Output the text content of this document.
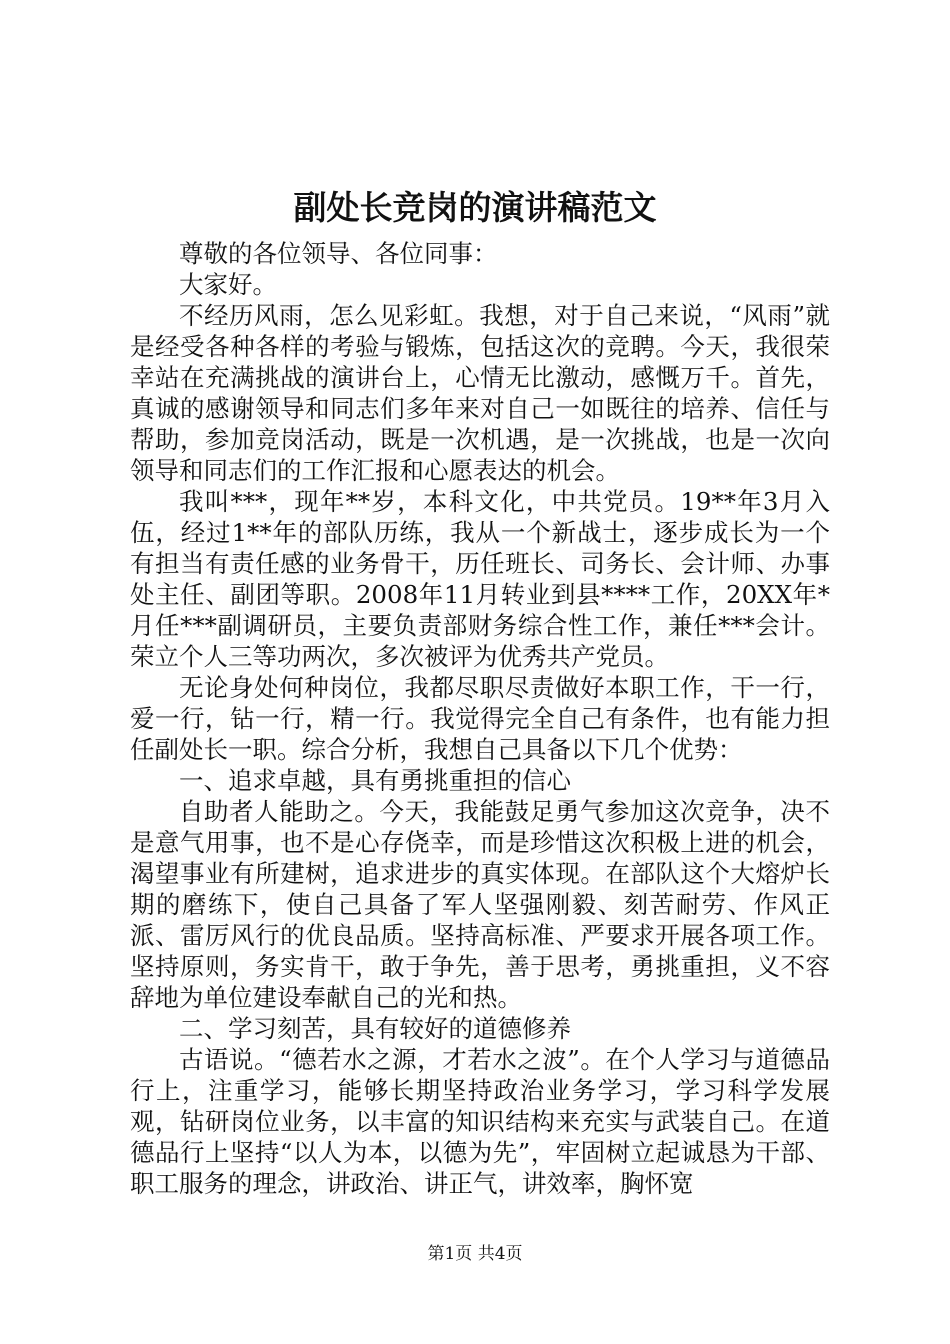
副处长竞岗的演讲稿范文

尊敬的各位领导、各位同事：

大家好。

不经历风雨，怎么见彩虹。我想，对于自己来说，“风雨”就是经受各种各样的考验与锻炼，包括这次的竞聘。今天，我很荣幸站在充满挑战的演讲台上，心情无比激动，感慨万千。首先，真诚的感谢领导和同志们多年来对自己一如既往的培养、信任与帮助，参加竞岗活动，既是一次机遇，是一次挑战，也是一次向领导和同志们的工作汇报和心愿表达的机会。

我叫***，现年**岁，本科文化，中共党员。19**年3月入伍，经过1**年的部队历练，我从一个新战士，逐步成长为一个有担当有责任感的业务骨干，历任班长、司务长、会计师、办事处主任、副团等职。2008年11月转业到县****工作，20XX年*月任***副调研员，主要负责部财务综合性工作，兼任***会计。荣立个人三等功两次，多次被评为优秀共产党员。

无论身处何种岗位，我都尽职尽责做好本职工作，干一行，爱一行，钻一行，精一行。我觉得完全自己有条件，也有能力担任副处长一职。综合分析，我想自己具备以下几个优势：

一、追求卓越，具有勇挑重担的信心

自助者人能助之。今天，我能鼓足勇气参加这次竞争，决不是意气用事，也不是心存侥幸，而是珍惜这次积极上进的机会，渴望事业有所建树，追求进步的真实体现。在部队这个大熔炉长期的磨练下，使自己具备了军人坚强刚毅、刻苦耐劳、作风正派、雷厉风行的优良品质。坚持高标准、严要求开展各项工作。坚持原则，务实肯干，敢于争先，善于思考，勇挑重担，义不容辞地为单位建设奉献自己的光和热。

二、学习刻苦，具有较好的道德修养

古语说。“德若水之源，才若水之波”。在个人学习与道德品行上，注重学习，能够长期坚持政治业务学习，学习科学发展观，钻研岗位业务，以丰富的知识结构来充实与武装自己。在道德品行上坚持“以人为本，以德为先”，牢固树立起诚恳为干部、职工服务的理念，讲政治、讲正气，讲效率，胸怀宽

第1页 共4页
